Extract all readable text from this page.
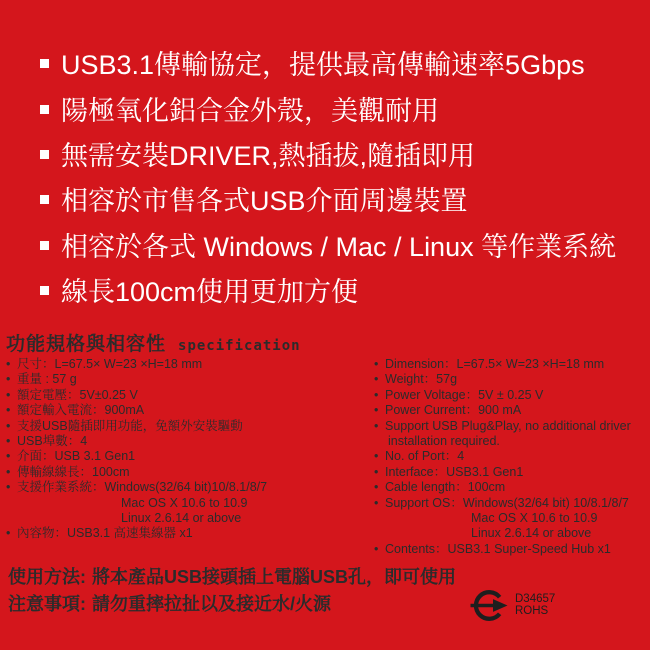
USB3.1傳輸協定，提供最高傳輸速率5Gbps
陽極氧化鋁合金外殼，美觀耐用
無需安裝DRIVER,熱插拔,隨插即用
相容於市售各式USB介面周邊裝置
相容於各式 Windows / Mac / Linux 等作業系統
線長100cm使用更加方便
功能規格與相容性 specification
•
尺寸：L=67.5× W=23 ×H=18 mm
•
重量 : 57 g
•
額定電壓：5V±0.25 V
•
額定輸入電流：900mA
•
支援USB隨插即用功能，免額外安裝驅動
•
USB埠數：4
•
介面：USB 3.1 Gen1
•
傳輸線線長：100cm
•
支援作業系統：Windows(32/64 bit)10/8.1/8/7
Mac OS X 10.6 to 10.9
Linux 2.6.14 or above
•
內容物：USB3.1 高速集線器 x1
•
Dimension：L=67.5× W=23 ×H=18 mm
•
Weight：57g
•
Power Voltage：5V ± 0.25 V
•
Power Current：900 mA
•
Support USB Plug&Play, no additional driver
installation required.
•
No. of Port：4
•
Interface：USB3.1 Gen1
•
Cable length：100cm
•
Support OS：Windows(32/64 bit) 10/8.1/8/7
Mac OS X 10.6 to 10.9
Linux 2.6.14 or above
•
Contents：USB3.1 Super-Speed Hub x1
使用方法: 將本產品USB接頭插上電腦USB孔，即可使用
注意事項: 請勿重摔拉扯以及接近水/火源	D34657
ROHS
